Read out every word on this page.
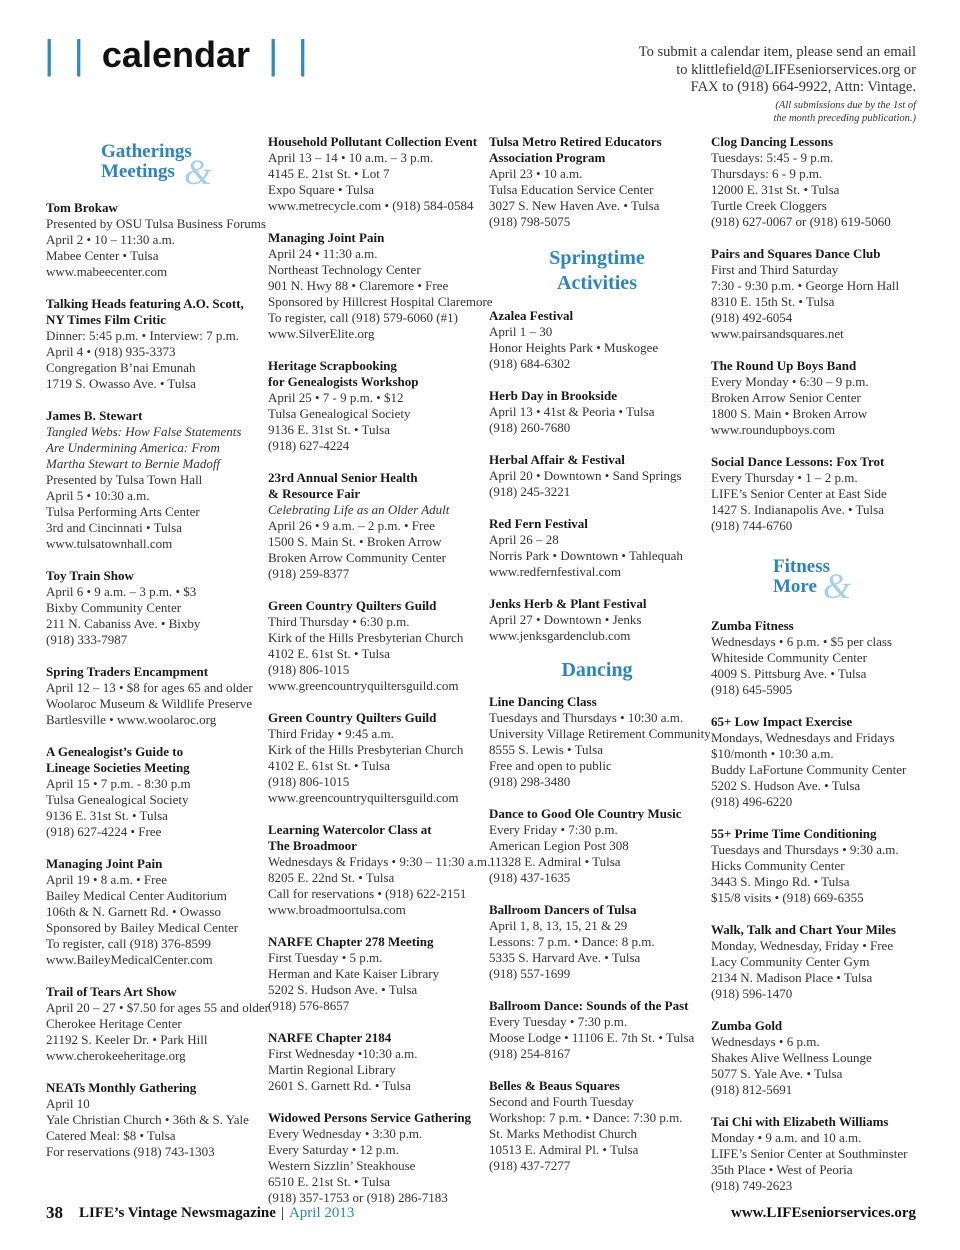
| | calendar | |	To submit a calendar item, please send an email
to klittlefield@LIFEseniorservices.org or
FAX to (918) 664-9922, Attn: Vintage.
(All submissions due by the 1st of
the month preceding publication.)
Gatherings
Meetings &
Tom Brokaw
Presented by OSU Tulsa Business Forums
April 2 • 10 – 11:30 a.m.
Mabee Center • Tulsa
www.mabeecenter.com
Talking Heads featuring A.O. Scott,
NY Times Film Critic
Dinner: 5:45 p.m. • Interview: 7 p.m.
April 4 • (918) 935-3373
Congregation B’nai Emunah
1719 S. Owasso Ave. • Tulsa
James B. Stewart
Tangled Webs: How False Statements
Are Undermining America: From
Martha Stewart to Bernie Madoff
Presented by Tulsa Town Hall
April 5 • 10:30 a.m.
Tulsa Performing Arts Center
3rd and Cincinnati • Tulsa
www.tulsatownhall.com
Toy Train Show
April 6 • 9 a.m. – 3 p.m. • $3
Bixby Community Center
211 N. Cabaniss Ave. • Bixby
(918) 333-7987
Spring Traders Encampment
April 12 – 13 • $8 for ages 65 and older
Woolaroc Museum & Wildlife Preserve
Bartlesville • www.woolaroc.org
A Genealogist’s Guide to
Lineage Societies Meeting
April 15 • 7 p.m. - 8:30 p.m
Tulsa Genealogical Society
9136 E. 31st St. • Tulsa
(918) 627-4224 • Free
Managing Joint Pain
April 19 • 8 a.m. • Free
Bailey Medical Center Auditorium
106th & N. Garnett Rd. • Owasso
Sponsored by Bailey Medical Center
To register, call (918) 376-8599
www.BaileyMedicalCenter.com
Trail of Tears Art Show
April 20 – 27 • $7.50 for ages 55 and older
Cherokee Heritage Center
21192 S. Keeler Dr. • Park Hill
www.cherokeeheritage.org
NEATs Monthly Gathering
April 10
Yale Christian Church • 36th & S. Yale
Catered Meal: $8 • Tulsa
For reservations (918) 743-1303
Household Pollutant Collection Event
April 13 – 14 • 10 a.m. – 3 p.m.
4145 E. 21st St. • Lot 7
Expo Square • Tulsa
www.metrecycle.com • (918) 584-0584
Managing Joint Pain
April 24 • 11:30 a.m.
Northeast Technology Center
901 N. Hwy 88 • Claremore • Free
Sponsored by Hillcrest Hospital Claremore
To register, call (918) 579-6060 (#1)
www.SilverElite.org
Heritage Scrapbooking
for Genealogists Workshop
April 25 • 7 - 9 p.m. • $12
Tulsa Genealogical Society
9136 E. 31st St. • Tulsa
(918) 627-4224
23rd Annual Senior Health
& Resource Fair
Celebrating Life as an Older Adult
April 26 • 9 a.m. – 2 p.m. • Free
1500 S. Main St. • Broken Arrow
Broken Arrow Community Center
(918) 259-8377
Green Country Quilters Guild
Third Thursday • 6:30 p.m.
Kirk of the Hills Presbyterian Church
4102 E. 61st St. • Tulsa
(918) 806-1015
www.greencountryquiltersguild.com
Green Country Quilters Guild
Third Friday • 9:45 a.m.
Kirk of the Hills Presbyterian Church
4102 E. 61st St. • Tulsa
(918) 806-1015
www.greencountryquiltersguild.com
Learning Watercolor Class at
The Broadmoor
Wednesdays & Fridays • 9:30 – 11:30 a.m.
8205 E. 22nd St. • Tulsa
Call for reservations • (918) 622-2151
www.broadmoortulsa.com
NARFE Chapter 278 Meeting
First Tuesday • 5 p.m.
Herman and Kate Kaiser Library
5202 S. Hudson Ave. • Tulsa
(918) 576-8657
NARFE Chapter 2184
First Wednesday •10:30 a.m.
Martin Regional Library
2601 S. Garnett Rd. • Tulsa
Widowed Persons Service Gathering
Every Wednesday • 3:30 p.m.
Every Saturday • 12 p.m.
Western Sizzlin’ Steakhouse
6510 E. 21st St. • Tulsa
(918) 357-1753 or (918) 286-7183
Tulsa Metro Retired Educators
Association Program
April 23 • 10 a.m.
Tulsa Education Service Center
3027 S. New Haven Ave. • Tulsa
(918) 798-5075
Springtime
Activities
Azalea Festival
April 1 – 30
Honor Heights Park • Muskogee
(918) 684-6302
Herb Day in Brookside
April 13 • 41st & Peoria • Tulsa
(918) 260-7680
Herbal Affair & Festival
April 20 • Downtown • Sand Springs
(918) 245-3221
Red Fern Festival
April 26 – 28
Norris Park • Downtown • Tahlequah
www.redfernfestival.com
Jenks Herb & Plant Festival
April 27 • Downtown • Jenks
www.jenksgardenclub.com
Dancing
Line Dancing Class
Tuesdays and Thursdays • 10:30 a.m.
University Village Retirement Community
8555 S. Lewis • Tulsa
Free and open to public
(918) 298-3480
Dance to Good Ole Country Music
Every Friday • 7:30 p.m.
American Legion Post 308
11328 E. Admiral • Tulsa
(918) 437-1635
Ballroom Dancers of Tulsa
April 1, 8, 13, 15, 21 & 29
Lessons: 7 p.m. • Dance: 8 p.m.
5335 S. Harvard Ave. • Tulsa
(918) 557-1699
Ballroom Dance: Sounds of the Past
Every Tuesday • 7:30 p.m.
Moose Lodge • 11106 E. 7th St. • Tulsa
(918) 254-8167
Belles & Beaus Squares
Second and Fourth Tuesday
Workshop: 7 p.m. • Dance: 7:30 p.m.
St. Marks Methodist Church
10513 E. Admiral Pl. • Tulsa
(918) 437-7277
Clog Dancing Lessons
Tuesdays: 5:45 - 9 p.m.
Thursdays: 6 - 9 p.m.
12000 E. 31st St. • Tulsa
Turtle Creek Cloggers
(918) 627-0067 or (918) 619-5060
Pairs and Squares Dance Club
First and Third Saturday
7:30 - 9:30 p.m. • George Horn Hall
8310 E. 15th St. • Tulsa
(918) 492-6054
www.pairsandsquares.net
The Round Up Boys Band
Every Monday • 6:30 – 9 p.m.
Broken Arrow Senior Center
1800 S. Main • Broken Arrow
www.roundupboys.com
Social Dance Lessons: Fox Trot
Every Thursday • 1 – 2 p.m.
LIFE’s Senior Center at East Side
1427 S. Indianapolis Ave. • Tulsa
(918) 744-6760
Fitness
More &
Zumba Fitness
Wednesdays • 6 p.m. • $5 per class
Whiteside Community Center
4009 S. Pittsburg Ave. • Tulsa
(918) 645-5905
65+ Low Impact Exercise
Mondays, Wednesdays and Fridays
$10/month • 10:30 a.m.
Buddy LaFortune Community Center
5202 S. Hudson Ave. • Tulsa
(918) 496-6220
55+ Prime Time Conditioning
Tuesdays and Thursdays • 9:30 a.m.
Hicks Community Center
3443 S. Mingo Rd. • Tulsa
$15/8 visits • (918) 669-6355
Walk, Talk and Chart Your Miles
Monday, Wednesday, Friday • Free
Lacy Community Center Gym
2134 N. Madison Place • Tulsa
(918) 596-1470
Zumba Gold
Wednesdays • 6 p.m.
Shakes Alive Wellness Lounge
5077 S. Yale Ave. • Tulsa
(918) 812-5691
Tai Chi with Elizabeth Williams
Monday • 9 a.m. and 10 a.m.
LIFE’s Senior Center at Southminster
35th Place • West of Peoria
(918) 749-2623
38 LIFE’s Vintage Newsmagazine | April 2013	www.LIFEseniorservices.org
